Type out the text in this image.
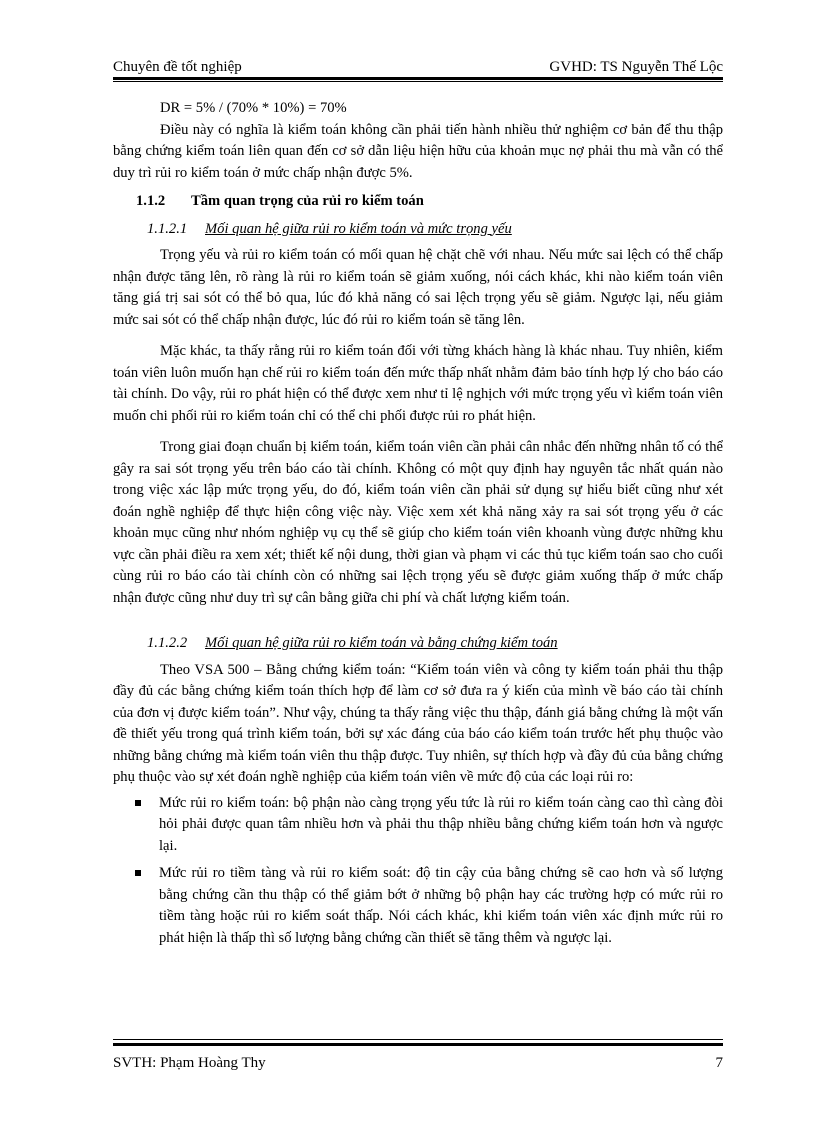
Chuyên đề tốt nghiệp	GVHD: TS Nguyễn Thế Lộc

DR = 5% / (70% * 10%) = 70%

Điều này có nghĩa là kiểm toán không cần phải tiến hành nhiều thử nghiệm cơ bản để thu thập bằng chứng kiểm toán liên quan đến cơ sở dẫn liệu hiện hữu của khoản mục nợ phải thu mà vẫn có thể duy trì rủi ro kiểm toán ở mức chấp nhận được 5%.

1.1.2	Tầm quan trọng của rủi ro kiểm toán
1.1.2.1	Mối quan hệ giữa rủi ro kiểm toán và mức trọng yếu

Trọng yếu và rủi ro kiểm toán có mối quan hệ chặt chẽ với nhau. Nếu mức sai lệch có thể chấp nhận được tăng lên, rõ ràng là rủi ro kiểm toán sẽ giảm xuống, nói cách khác, khi nào kiểm toán viên tăng giá trị sai sót có thể bỏ qua, lúc đó khả năng có sai lệch trọng yếu sẽ giảm. Ngược lại, nếu giảm mức sai sót có thể chấp nhận được, lúc đó rủi ro kiểm toán sẽ tăng lên.

Mặc khác, ta thấy rằng rủi ro kiểm toán đối với từng khách hàng là khác nhau. Tuy nhiên, kiểm toán viên luôn muốn hạn chế rủi ro kiểm toán đến mức thấp nhất nhằm đảm bảo tính hợp lý cho báo cáo tài chính. Do vậy, rủi ro phát hiện có thể được xem như tỉ lệ nghịch với mức trọng yếu vì kiểm toán viên muốn chi phối rủi ro kiểm toán chỉ có thể chi phối được rủi ro phát hiện.

Trong giai đoạn chuẩn bị kiểm toán, kiểm toán viên cần phải cân nhắc đến những nhân tố có thể gây ra sai sót trọng yếu trên báo cáo tài chính. Không có một quy định hay nguyên tắc nhất quán nào trong việc xác lập mức trọng yếu, do đó, kiểm toán viên cần phải sử dụng sự hiểu biết cũng như xét đoán nghề nghiệp để thực hiện công việc này. Việc xem xét khả năng xảy ra sai sót trọng yếu ở các khoản mục cũng như nhóm nghiệp vụ cụ thể sẽ giúp cho kiểm toán viên khoanh vùng được những khu vực cần phải điều ra xem xét; thiết kế nội dung, thời gian và phạm vi các thủ tục kiểm toán sao cho cuối cùng rủi ro báo cáo tài chính còn có những sai lệch trọng yếu sẽ được giảm xuống thấp ở mức chấp nhận được cũng như duy trì sự cân bằng giữa chi phí và chất lượng kiểm toán.

1.1.2.2	Mối quan hệ giữa rủi ro kiểm toán và bằng chứng kiểm toán

Theo VSA 500 – Bằng chứng kiểm toán: “Kiểm toán viên và công ty kiểm toán phải thu thập đầy đủ các bằng chứng kiểm toán thích hợp để làm cơ sở đưa ra ý kiến của mình về báo cáo tài chính của đơn vị được kiểm toán”. Như vậy, chúng ta thấy rằng việc thu thập, đánh giá bằng chứng là một vấn đề thiết yếu trong quá trình kiểm toán, bởi sự xác đáng của báo cáo kiểm toán trước hết phụ thuộc vào những bằng chứng mà kiểm toán viên thu thập được. Tuy nhiên, sự thích hợp và đầy đủ của bằng chứng phụ thuộc vào sự xét đoán nghề nghiệp của kiểm toán viên về mức độ của các loại rủi ro:

Mức rủi ro kiểm toán: bộ phận nào càng trọng yếu tức là rủi ro kiểm toán càng cao thì càng đòi hỏi phải được quan tâm nhiều hơn và phải thu thập nhiều bằng chứng kiểm toán hơn và ngược lại.
Mức rủi ro tiềm tàng và rủi ro kiểm soát: độ tin cậy của bằng chứng sẽ cao hơn và số lượng bằng chứng cần thu thập có thể giảm bớt ở những bộ phận hay các trường hợp có mức rủi ro tiềm tàng hoặc rủi ro kiểm soát thấp. Nói cách khác, khi kiểm toán viên xác định mức rủi ro phát hiện là thấp thì số lượng bằng chứng cần thiết sẽ tăng thêm và ngược lại.
SVTH: Phạm Hoàng Thy	7
